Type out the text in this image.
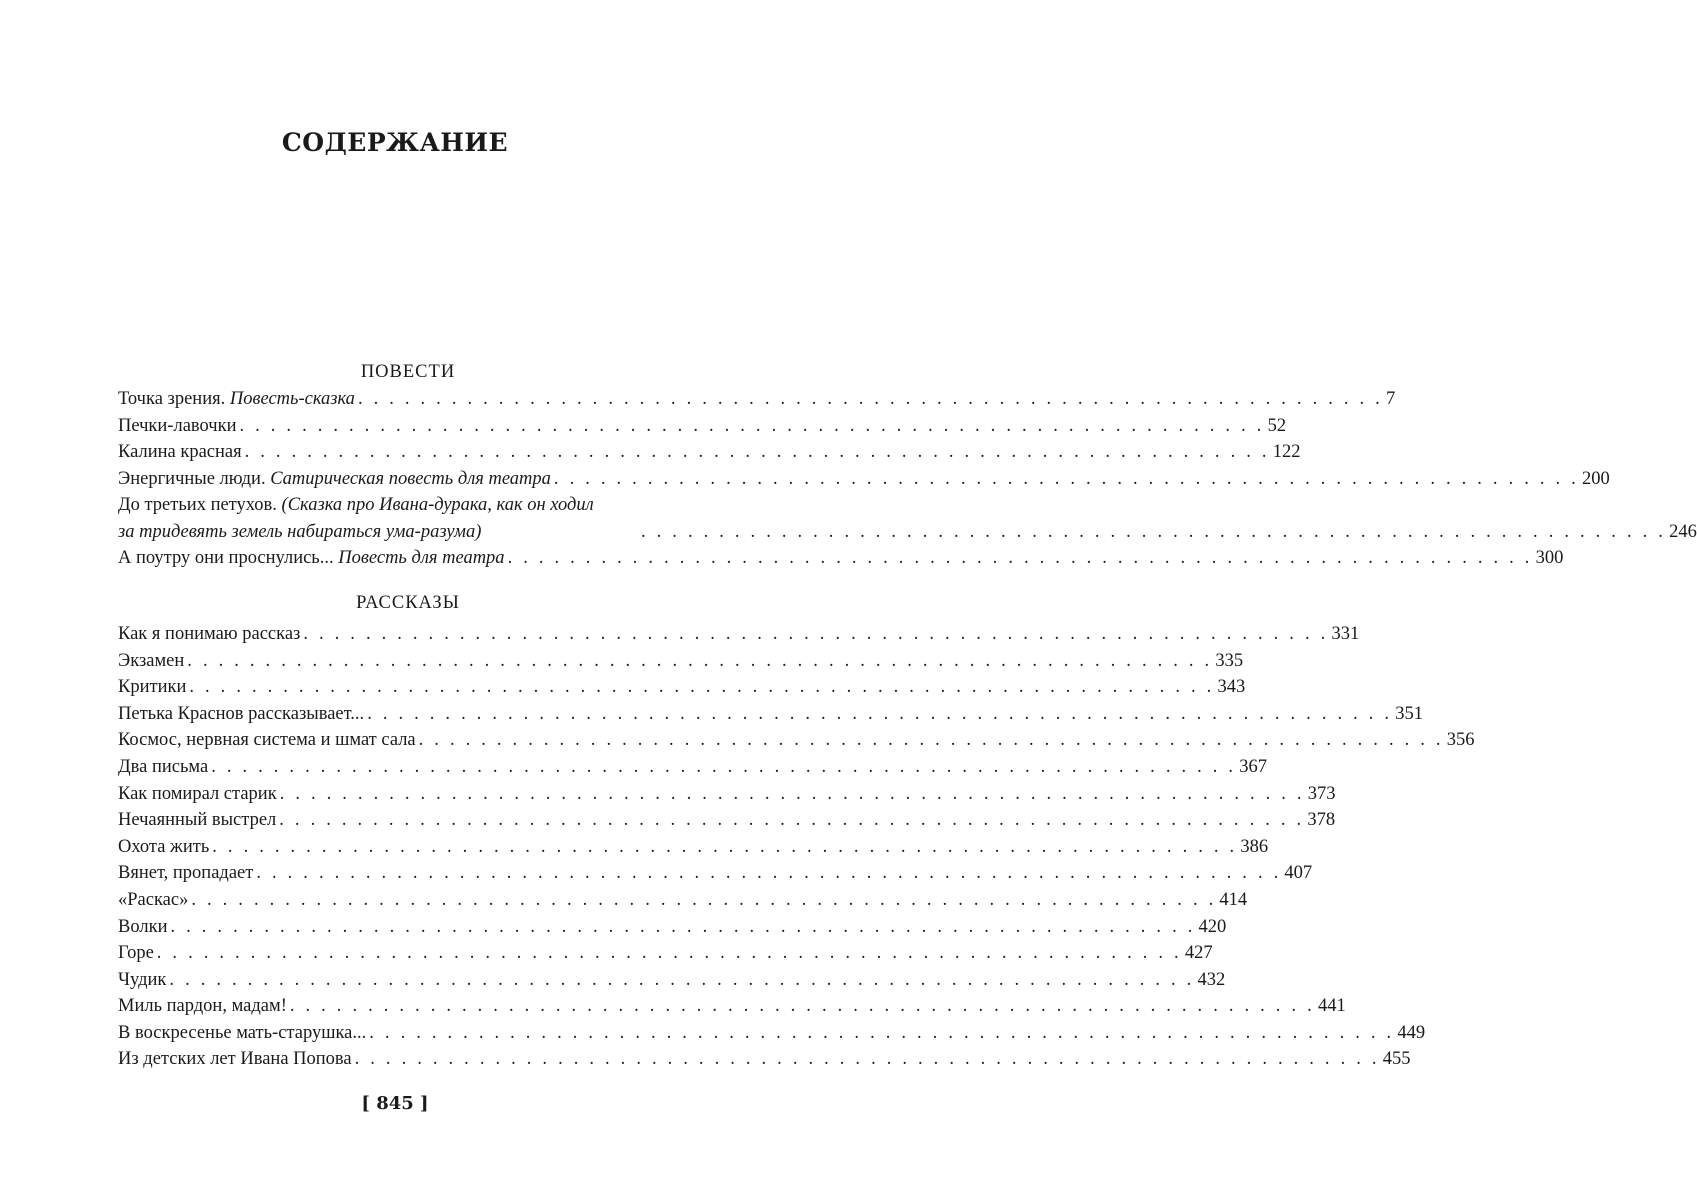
СОДЕРЖАНИЕ
ПОВЕСТИ
Точка зрения. Повесть-сказка . . . . . . . . . . . . . . . . . . . . . . . . . . . . . . . . . . . . . . . . . . . . . . . . . . . . . . . . . . . . . . . . . . 7
Печки-лавочки . . . . . . . . . . . . . . . . . . . . . . . . . . . . . . . . . . . . . . . . . . . . . . . . . . . . . . . . . . . . . . . . . . 52
Калина красная . . . . . . . . . . . . . . . . . . . . . . . . . . . . . . . . . . . . . . . . . . . . . . . . . . . . . . . . . . . . . . . . . . 122
Энергичные люди. Сатирическая повесть для театра . . . . . . . . . . . . . . . . . . . . . . . . . . . . . . . . . . . . . . . . . . . . . . . . . . . . . . . . . . . . . . . . . . 200
До третьих петухов. (Сказка про Ивана-дурака, как он ходил
за тридевять земель набираться ума-разума)	. . . . . . . . . . . . . . . . . . . . . . . . . . . . . . . . . . . . . . . . . . . . . . . . . . . . . . . . . . . . . . . . . . 246
А поутру они проснулись... Повесть для театра . . . . . . . . . . . . . . . . . . . . . . . . . . . . . . . . . . . . . . . . . . . . . . . . . . . . . . . . . . . . . . . . . . 300
РАССКАЗЫ
Как я понимаю рассказ . . . . . . . . . . . . . . . . . . . . . . . . . . . . . . . . . . . . . . . . . . . . . . . . . . . . . . . . . . . . . . . . . . 331
Экзамен . . . . . . . . . . . . . . . . . . . . . . . . . . . . . . . . . . . . . . . . . . . . . . . . . . . . . . . . . . . . . . . . . . 335
Критики . . . . . . . . . . . . . . . . . . . . . . . . . . . . . . . . . . . . . . . . . . . . . . . . . . . . . . . . . . . . . . . . . . 343
Петька Краснов рассказывает... . . . . . . . . . . . . . . . . . . . . . . . . . . . . . . . . . . . . . . . . . . . . . . . . . . . . . . . . . . . . . . . . . . 351
Космос, нервная система и шмат сала . . . . . . . . . . . . . . . . . . . . . . . . . . . . . . . . . . . . . . . . . . . . . . . . . . . . . . . . . . . . . . . . . . 356
Два письма . . . . . . . . . . . . . . . . . . . . . . . . . . . . . . . . . . . . . . . . . . . . . . . . . . . . . . . . . . . . . . . . . . 367
Как помирал старик . . . . . . . . . . . . . . . . . . . . . . . . . . . . . . . . . . . . . . . . . . . . . . . . . . . . . . . . . . . . . . . . . . 373
Нечаянный выстрел . . . . . . . . . . . . . . . . . . . . . . . . . . . . . . . . . . . . . . . . . . . . . . . . . . . . . . . . . . . . . . . . . . 378
Охота жить . . . . . . . . . . . . . . . . . . . . . . . . . . . . . . . . . . . . . . . . . . . . . . . . . . . . . . . . . . . . . . . . . . 386
Вянет, пропадает . . . . . . . . . . . . . . . . . . . . . . . . . . . . . . . . . . . . . . . . . . . . . . . . . . . . . . . . . . . . . . . . . . 407
«Раскас» . . . . . . . . . . . . . . . . . . . . . . . . . . . . . . . . . . . . . . . . . . . . . . . . . . . . . . . . . . . . . . . . . . 414
Волки . . . . . . . . . . . . . . . . . . . . . . . . . . . . . . . . . . . . . . . . . . . . . . . . . . . . . . . . . . . . . . . . . . 420
Горе . . . . . . . . . . . . . . . . . . . . . . . . . . . . . . . . . . . . . . . . . . . . . . . . . . . . . . . . . . . . . . . . . . 427
Чудик . . . . . . . . . . . . . . . . . . . . . . . . . . . . . . . . . . . . . . . . . . . . . . . . . . . . . . . . . . . . . . . . . . 432
Миль пардон, мадам! . . . . . . . . . . . . . . . . . . . . . . . . . . . . . . . . . . . . . . . . . . . . . . . . . . . . . . . . . . . . . . . . . . 441
В воскресенье мать-старушка... . . . . . . . . . . . . . . . . . . . . . . . . . . . . . . . . . . . . . . . . . . . . . . . . . . . . . . . . . . . . . . . . . . 449
Из детских лет Ивана Попова . . . . . . . . . . . . . . . . . . . . . . . . . . . . . . . . . . . . . . . . . . . . . . . . . . . . . . . . . . . . . . . . . . 455
[ 845 ]
